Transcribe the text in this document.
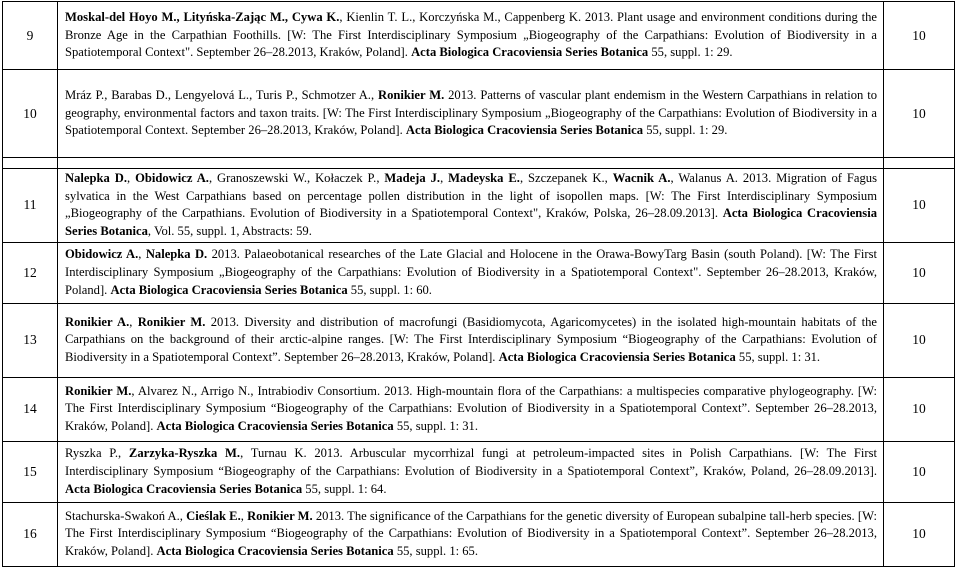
9	Moskal-del Hoyo M., Lityńska-Zając M., Cywa K., Kienlin T. L., Korczyńska M., Cappenberg K. 2013. Plant usage and environment conditions during the Bronze Age in the Carpathian Foothills. [W: The First Interdisciplinary Symposium „Biogeography of the Carpathians: Evolution of Biodiversity in a Spatiotemporal Context". September 26–28.2013, Kraków, Poland]. Acta Biologica Cracoviensia Series Botanica 55, suppl. 1: 29.	10
10	Mráz P., Barabas D., Lengyelová L., Turis P., Schmotzer A., Ronikier M. 2013. Patterns of vascular plant endemism in the Western Carpathians in relation to geography, environmental factors and taxon traits. [W: The First Interdisciplinary Symposium „Biogeography of the Carpathians: Evolution of Biodiversity in a Spatiotemporal Context. September 26–28.2013, Kraków, Poland]. Acta Biologica Cracoviensia Series Botanica 55, suppl. 1: 29.	10

11	Nalepka D., Obidowicz A., Granoszewski W., Kołaczek P., Madeja J., Madeyska E., Szczepanek K., Wacnik A., Walanus A. 2013. Migration of Fagus sylvatica in the West Carpathians based on percentage pollen distribution in the light of isopollen maps. [W: The First Interdisciplinary Symposium „Biogeography of the Carpathians. Evolution of Biodiversity in a Spatiotemporal Context", Kraków, Polska, 26–28.09.2013]. Acta Biologica Cracoviensia Series Botanica, Vol. 55, suppl. 1, Abstracts: 59.	10
12	Obidowicz A., Nalepka D. 2013. Palaeobotanical researches of the Late Glacial and Holocene in the Orawa-BowyTarg Basin (south Poland). [W: The First Interdisciplinary Symposium „Biogeography of the Carpathians: Evolution of Biodiversity in a Spatiotemporal Context". September 26–28.2013, Kraków, Poland]. Acta Biologica Cracoviensia Series Botanica 55, suppl. 1: 60.	10
13	Ronikier A., Ronikier M. 2013. Diversity and distribution of macrofungi (Basidiomycota, Agaricomycetes) in the isolated high-mountain habitats of the Carpathians on the background of their arctic-alpine ranges. [W: The First Interdisciplinary Symposium “Biogeography of the Carpathians: Evolution of Biodiversity in a Spatiotemporal Context”. September 26–28.2013, Kraków, Poland]. Acta Biologica Cracoviensia Series Botanica 55, suppl. 1: 31.	10
14	Ronikier M., Alvarez N., Arrigo N., Intrabiodiv Consortium. 2013. High-mountain flora of the Carpathians: a multispecies comparative phylogeography. [W: The First Interdisciplinary Symposium “Biogeography of the Carpathians: Evolution of Biodiversity in a Spatiotemporal Context”. September 26–28.2013, Kraków, Poland]. Acta Biologica Cracoviensia Series Botanica 55, suppl. 1: 31.	10
15	Ryszka P., Zarzyka-Ryszka M., Turnau K. 2013. Arbuscular mycorrhizal fungi at petroleum-impacted sites in Polish Carpathians. [W: The First Interdisciplinary Symposium “Biogeography of the Carpathians: Evolution of Biodiversity in a Spatiotemporal Context”, Kraków, Poland, 26–28.09.2013]. Acta Biologica Cracoviensia Series Botanica 55, suppl. 1: 64.	10
16	Stachurska-Swakoń A., Cieślak E., Ronikier M. 2013. The significance of the Carpathians for the genetic diversity of European subalpine tall-herb species. [W: The First Interdisciplinary Symposium “Biogeography of the Carpathians: Evolution of Biodiversity in a Spatiotemporal Context”. September 26–28.2013, Kraków, Poland]. Acta Biologica Cracoviensia Series Botanica 55, suppl. 1: 65.	10
